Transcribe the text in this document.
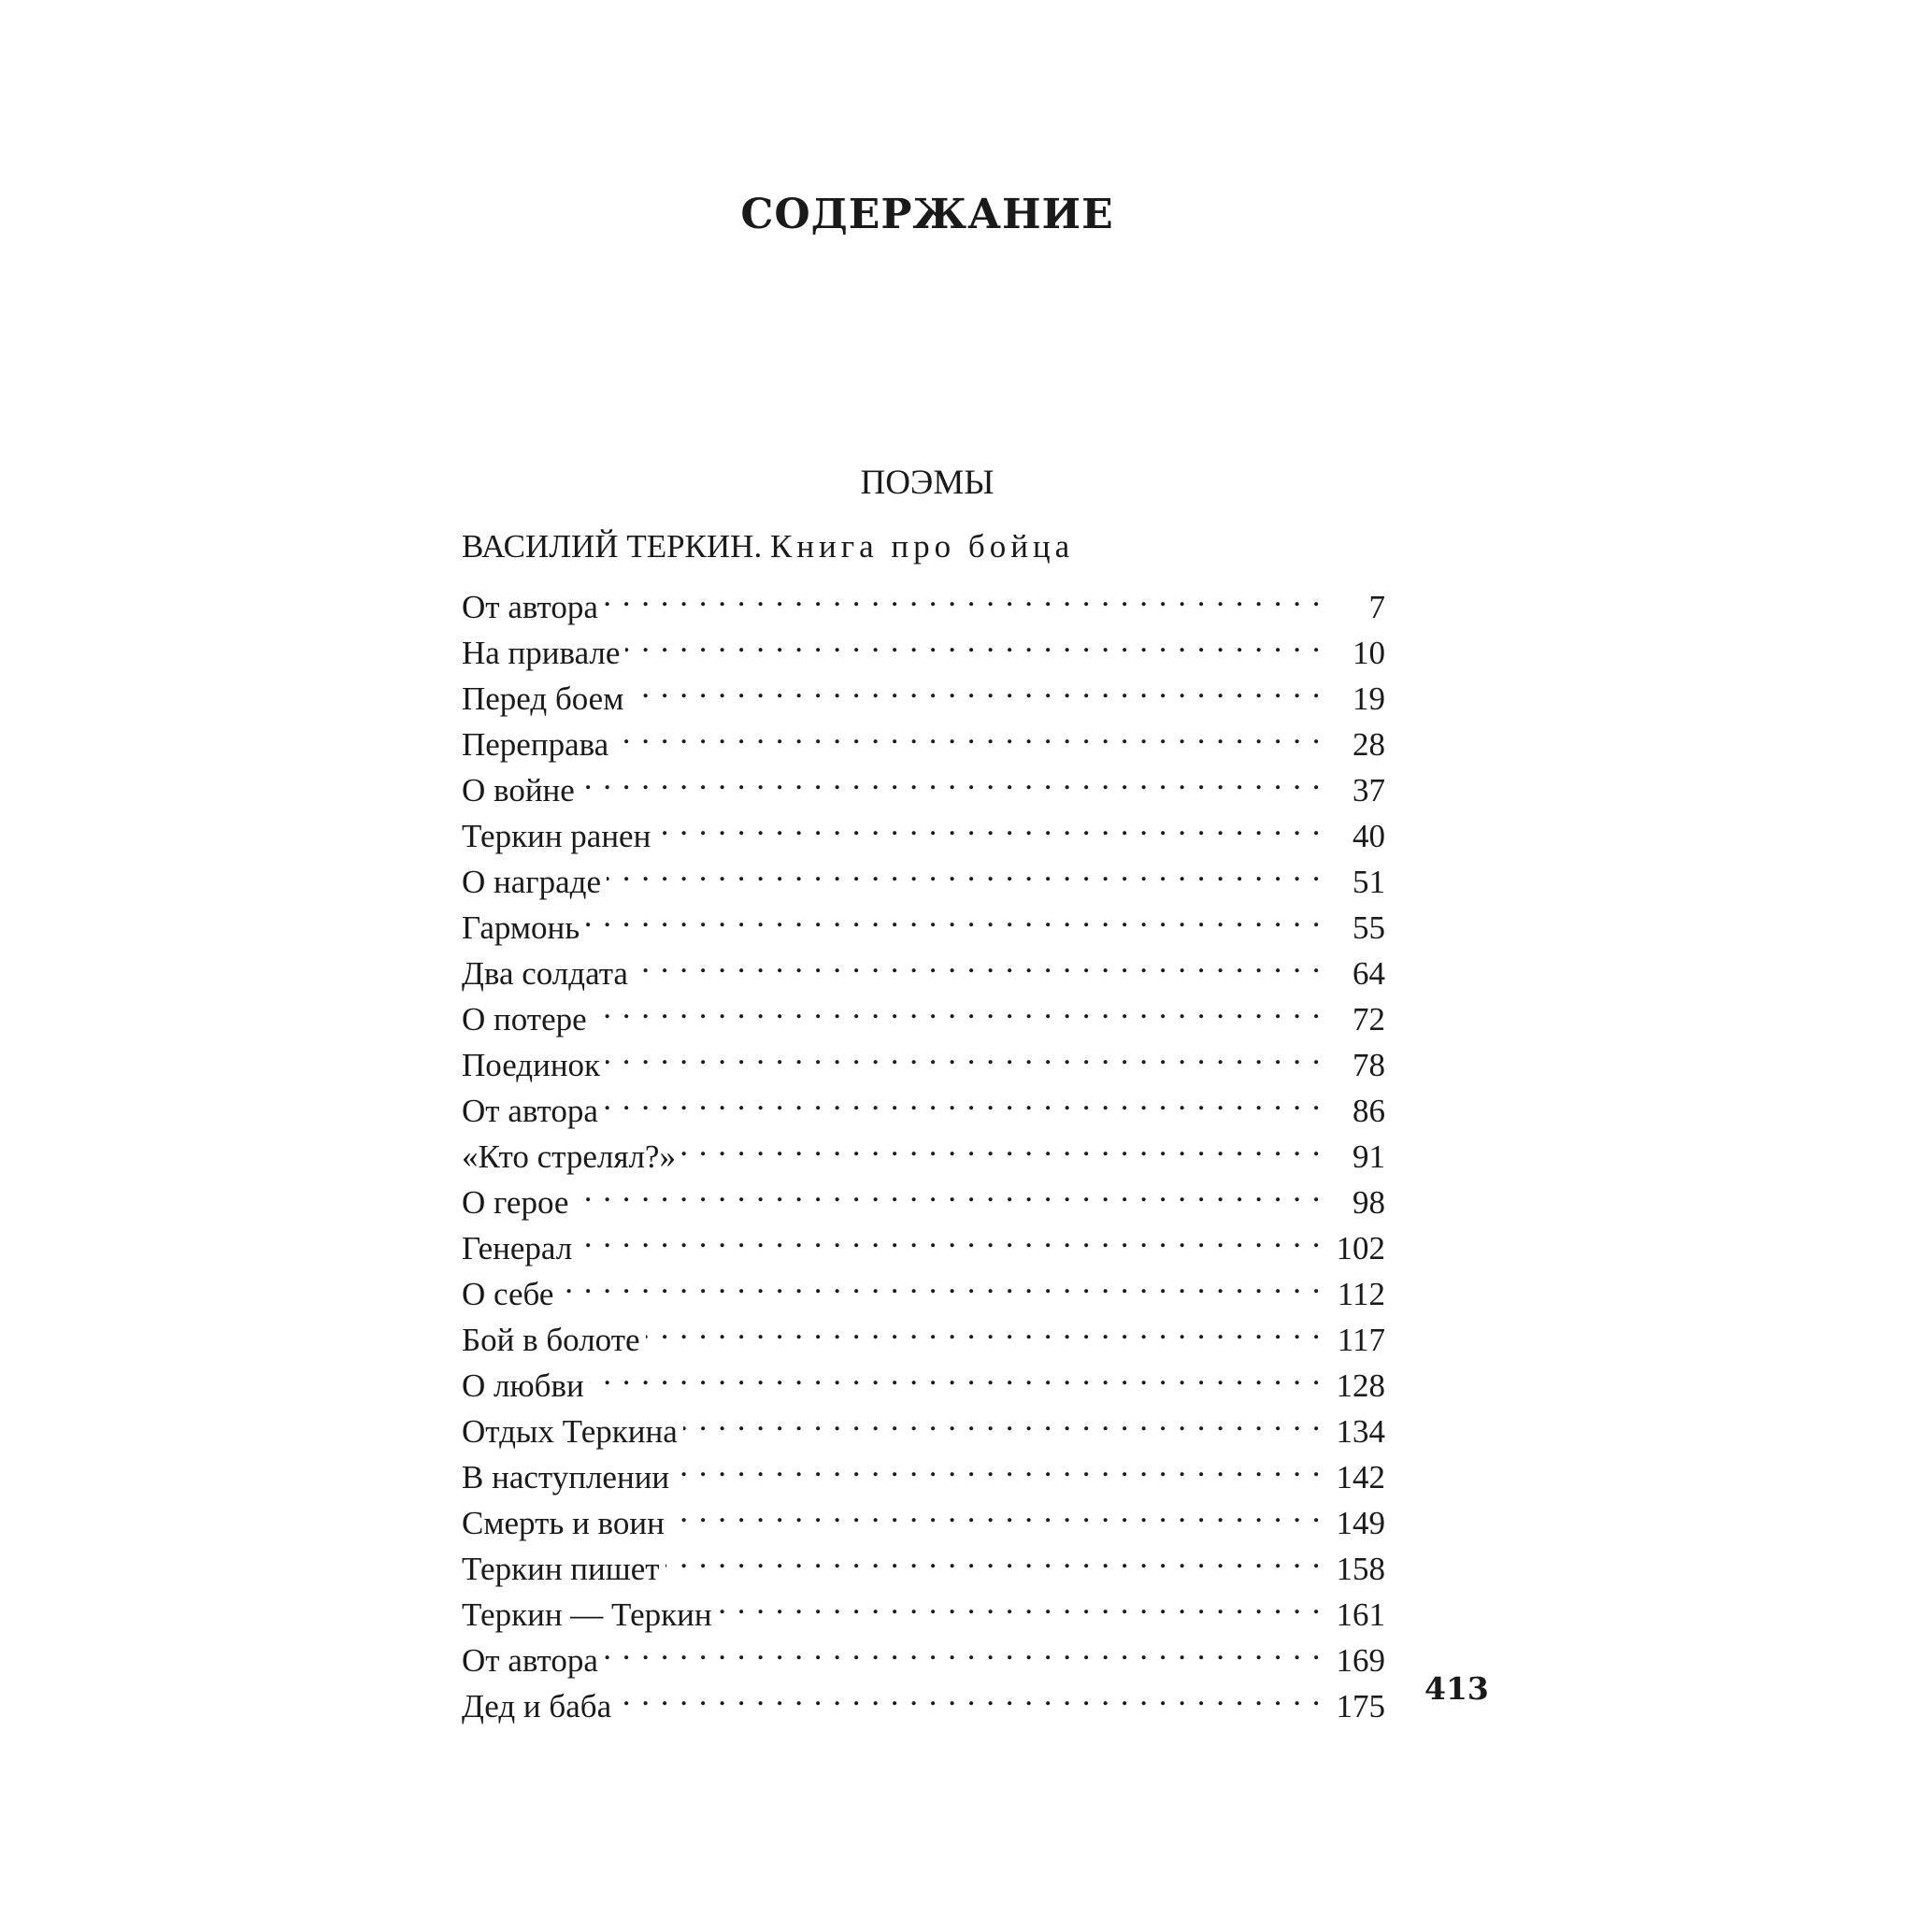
СОДЕРЖАНИЕ
ПОЭМЫ
ВАСИЛИЙ ТЕРКИН. Книга про бойца
От автора . . .	7
На привале . . .	10
Перед боем . . .	19
Переправа . . .	28
О войне . . .	37
Теркин ранен . . .	40
О награде . . .	51
Гармонь . . .	55
Два солдата . . .	64
О потере . . .	72
Поединок . . .	78
От автора . . .	86
«Кто стрелял?» . . .	91
О герое . . .	98
Генерал . . .	102
О себе . . .	112
Бой в болоте . . .	117
О любви . . .	128
Отдых Теркина . . .	134
В наступлении . . .	142
Смерть и воин . . .	149
Теркин пишет . . .	158
Теркин — Теркин . . .	161
От автора . . .	169
Дед и баба . . .	175 413
